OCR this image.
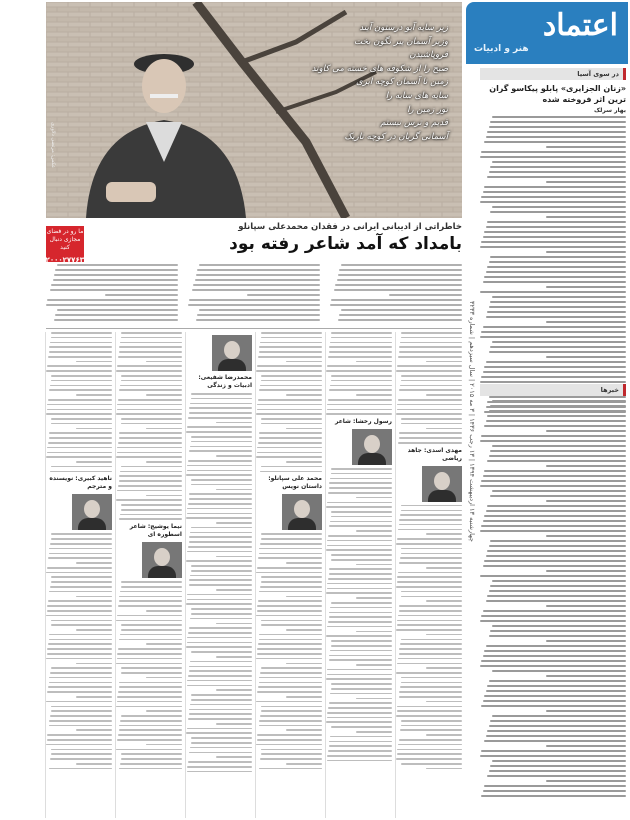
اعتماد
هنر و ادبیات
چهارشنبه ۱۳ اردیبهشت ۱۳۹۴ | ۱۳ رجب ۱۴۳۶ | ۳ مه ۲۰۱۵ | سال سیزدهم | شماره ۳۲۳۳
در سوی آسیا
«زنان الجزایری» پابلو پیکاسو گران ترین اثر فروخته شده
بهار سرلک
خبرها
عکس: مرتضی دلاوری
زیر سایه آیو درستون آیند
وزیر آسمان پیر نگون بخت
فروپاشیدن
صبح را از شکوفه های خسته می کاوند
زمین تا آسمان کوچه ابری
سایه های سایه را
نور زمین را
قدیم و ترس نیستم
آسمانی گریان در کوچه تاریک
خاطراتی از ادیبانی ایرانی در فقدان محمدعلی سپانلو
بامداد که آمد شاعر رفته بود
ما رو در فضای مجازی دنبال کنید
۲۰۰۰۲۷۷۶۳
مهدی اسدی: جاهد ریاضی
رسول رخشا: شاعر
محمد علی سپانلو: داستان نویس
محمدرضا شفیعی: ادبیات و زندگی
نیما یوشیج: شاعر اسطوره ای
ناهید کبیری: نویسنده و مترجم
